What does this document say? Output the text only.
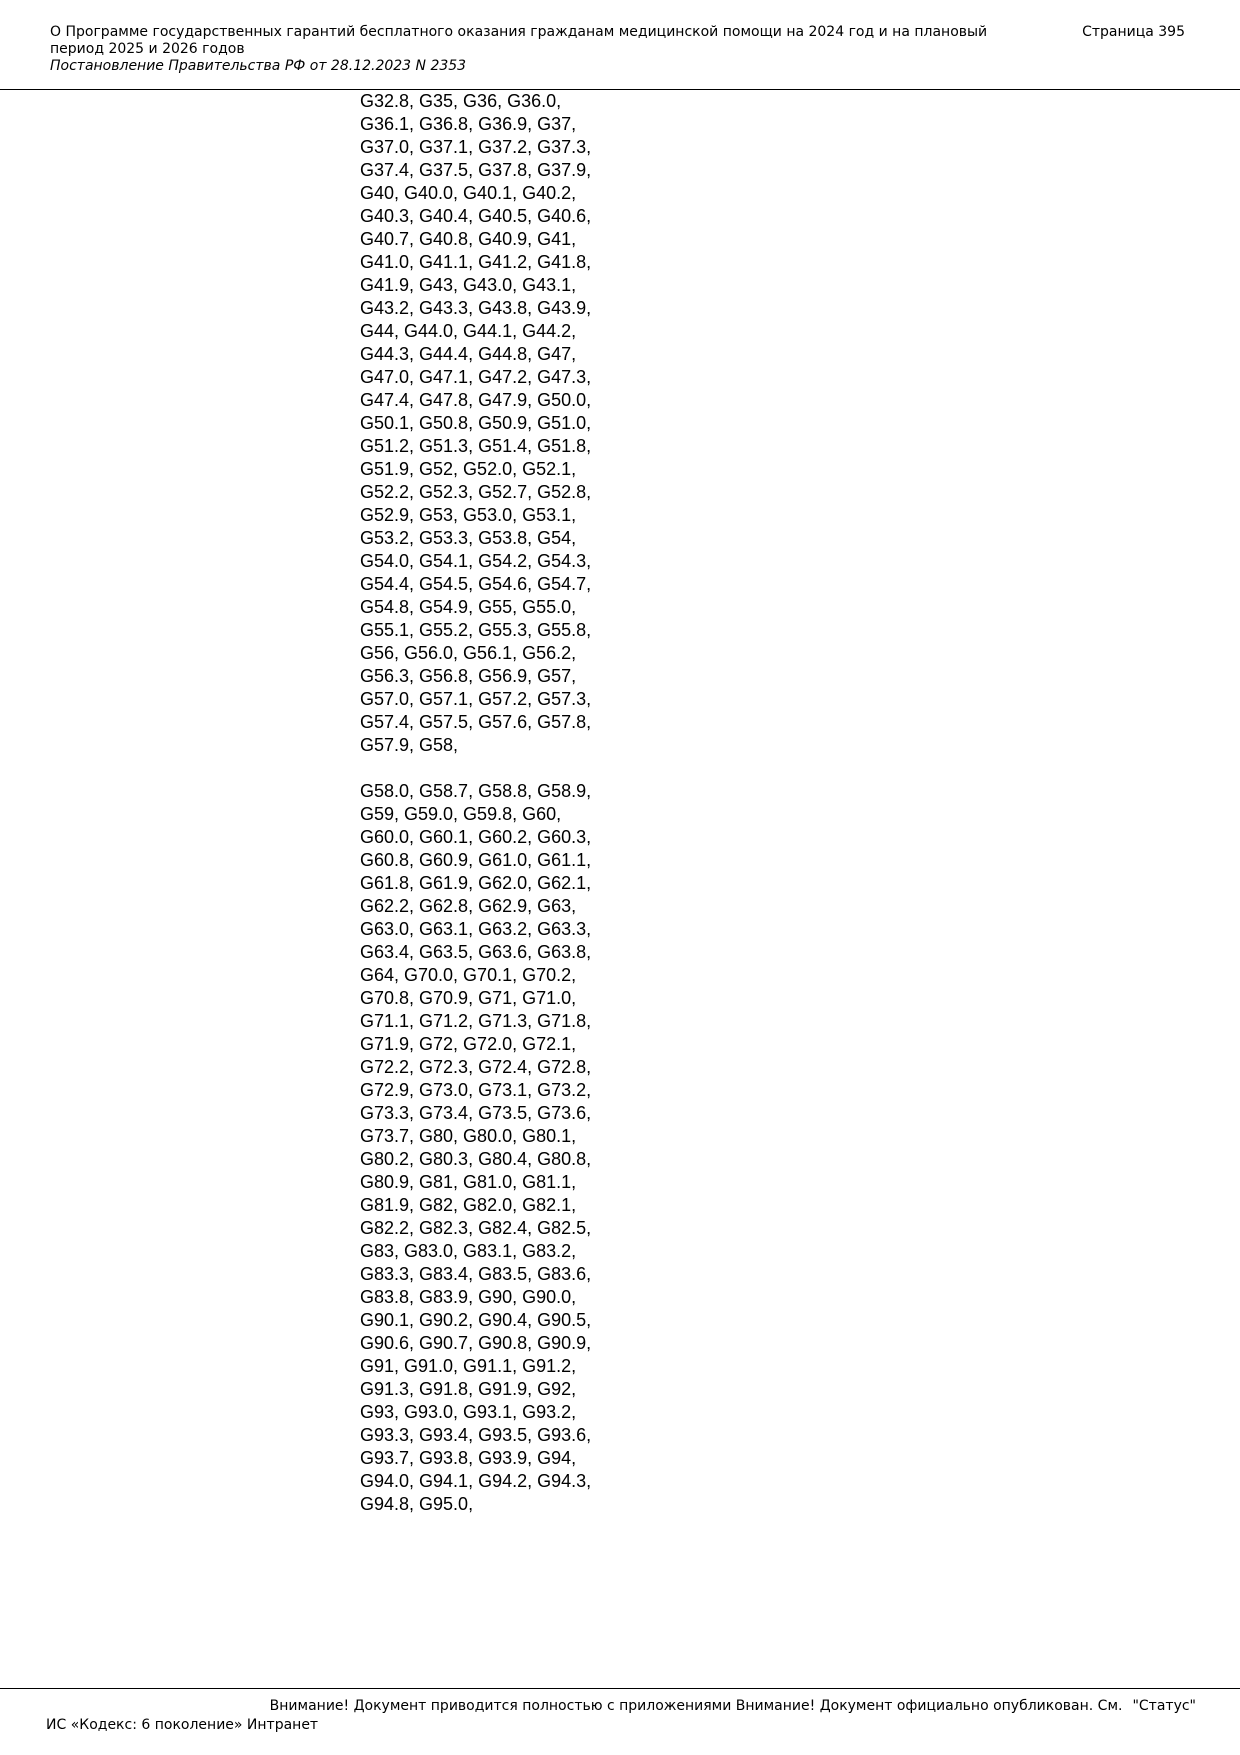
О Программе государственных гарантий бесплатного оказания гражданам медицинской помощи на 2024 год и на плановый
период 2025 и 2026 годов
Страница 395
Постановление Правительства РФ от 28.12.2023 N 2353
G32.8, G35, G36, G36.0,
G36.1, G36.8, G36.9, G37,
G37.0, G37.1, G37.2, G37.3,
G37.4, G37.5, G37.8, G37.9,
G40, G40.0, G40.1, G40.2,
G40.3, G40.4, G40.5, G40.6,
G40.7, G40.8, G40.9, G41,
G41.0, G41.1, G41.2, G41.8,
G41.9, G43, G43.0, G43.1,
G43.2, G43.3, G43.8, G43.9,
G44, G44.0, G44.1, G44.2,
G44.3, G44.4, G44.8, G47,
G47.0, G47.1, G47.2, G47.3,
G47.4, G47.8, G47.9, G50.0,
G50.1, G50.8, G50.9, G51.0,
G51.2, G51.3, G51.4, G51.8,
G51.9, G52, G52.0, G52.1,
G52.2, G52.3, G52.7, G52.8,
G52.9, G53, G53.0, G53.1,
G53.2, G53.3, G53.8, G54,
G54.0, G54.1, G54.2, G54.3,
G54.4, G54.5, G54.6, G54.7,
G54.8, G54.9, G55, G55.0,
G55.1, G55.2, G55.3, G55.8,
G56, G56.0, G56.1, G56.2,
G56.3, G56.8, G56.9, G57,
G57.0, G57.1, G57.2, G57.3,
G57.4, G57.5, G57.6, G57.8,
G57.9, G58,
G58.0, G58.7, G58.8, G58.9,
G59, G59.0, G59.8, G60,
G60.0, G60.1, G60.2, G60.3,
G60.8, G60.9, G61.0, G61.1,
G61.8, G61.9, G62.0, G62.1,
G62.2, G62.8, G62.9, G63,
G63.0, G63.1, G63.2, G63.3,
G63.4, G63.5, G63.6, G63.8,
G64, G70.0, G70.1, G70.2,
G70.8, G70.9, G71, G71.0,
G71.1, G71.2, G71.3, G71.8,
G71.9, G72, G72.0, G72.1,
G72.2, G72.3, G72.4, G72.8,
G72.9, G73.0, G73.1, G73.2,
G73.3, G73.4, G73.5, G73.6,
G73.7, G80, G80.0, G80.1,
G80.2, G80.3, G80.4, G80.8,
G80.9, G81, G81.0, G81.1,
G81.9, G82, G82.0, G82.1,
G82.2, G82.3, G82.4, G82.5,
G83, G83.0, G83.1, G83.2,
G83.3, G83.4, G83.5, G83.6,
G83.8, G83.9, G90, G90.0,
G90.1, G90.2, G90.4, G90.5,
G90.6, G90.7, G90.8, G90.9,
G91, G91.0, G91.1, G91.2,
G91.3, G91.8, G91.9, G92,
G93, G93.0, G93.1, G93.2,
G93.3, G93.4, G93.5, G93.6,
G93.7, G93.8, G93.9, G94,
G94.0, G94.1, G94.2, G94.3,
G94.8, G95.0,
Внимание! Документ приводится полностью с приложениями Внимание! Документ официально опубликован. См. "Статус"
ИС «Кодекс: 6 поколение» Интранет
